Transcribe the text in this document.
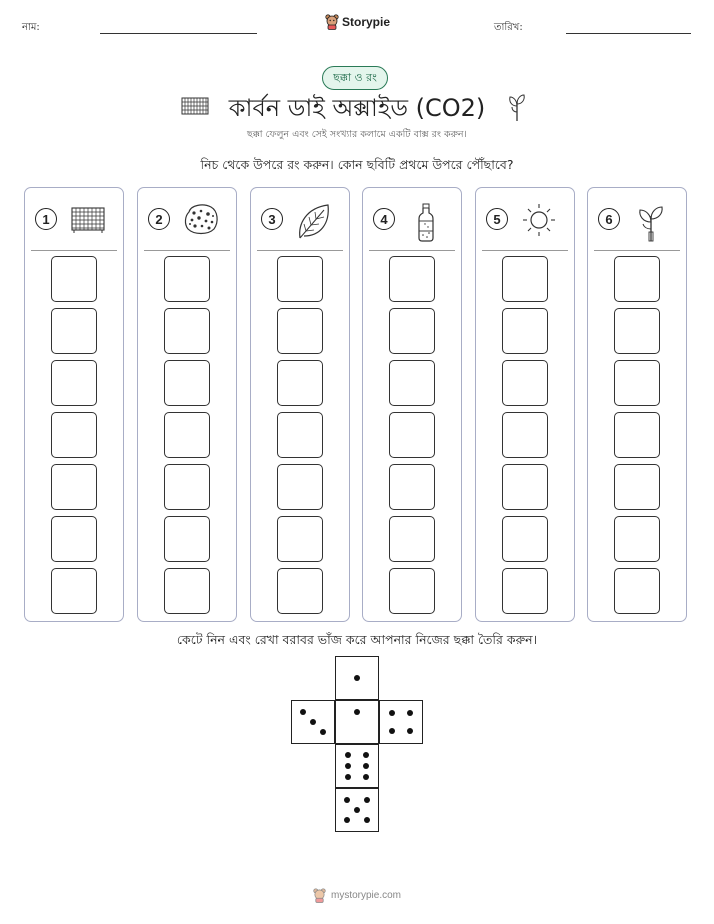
নাম:	Storypie	তারিখ:
ছক্কা ও রং
কার্বন ডাই অক্সাইড (CO2)
ছক্কা ফেলুন এবং সেই সংখ্যার কলামে একটি বাক্স রং করুন।
নিচ থেকে উপরে রং করুন। কোন ছবিটি প্রথমে উপরে পৌঁছাবে?
1	2	3	4	5	6
কেটে নিন এবং রেখা বরাবর ভাঁজ করে আপনার নিজের ছক্কা তৈরি করুন।
mystorypie.com
